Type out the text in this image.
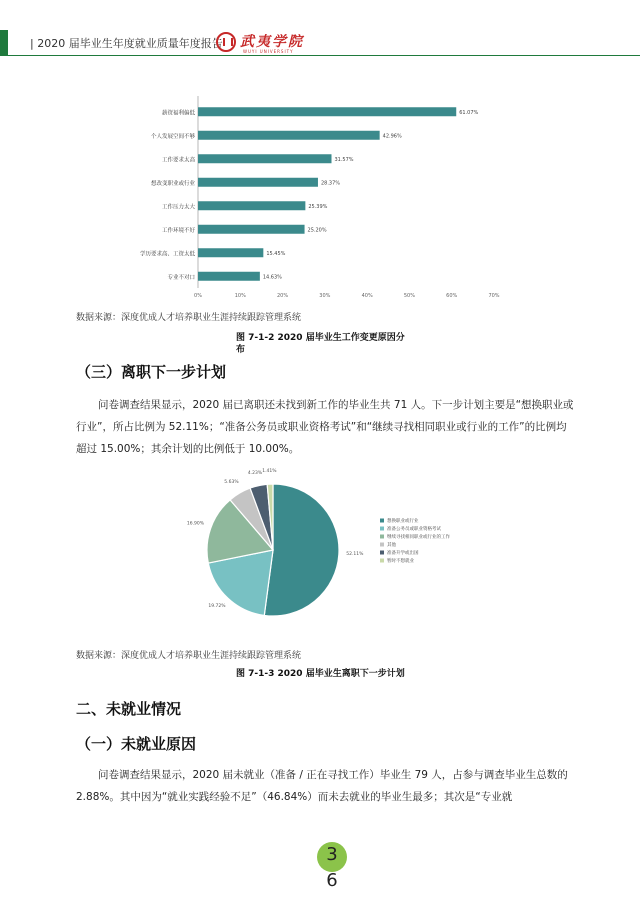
| 2020 届毕业生年度就业质量年度报告 武夷学院
WUYI UNIVERSITY
薪资福利偏低	61.07%
个人发展空间不够	42.96%
工作要求太高	31.57%
想改变职业或行业	28.37%
工作压力太大	25.39%
工作环境不好	25.20%
学历要求高、工资太低	15.45%
专业不对口	14.63%
0%	10%	20%	30%	40%	50%	60%	70%
数据来源：深度优成人才培养职业生涯持续跟踪管理系统
图 7-1-2 2020 届毕业生工作变更原因分布
（三）离职下一步计划
问卷调查结果显示，2020 届已离职还未找到新工作的毕业生共 71 人。下一步计划主要是“想换职业或行业”，所占比例为 52.11%；“准备公务员或职业资格考试”和“继续寻找相同职业或行业的工作”的比例均超过 15.00%；其余计划的比例低于 10.00%。
52.11%
19.72%
16.90%
5.63%
4.23% 1.41%
想换职业或行业
准备公务员或职业资格考试
继续寻找相同职业或行业的工作
其他
准备升学或出国
暂时不想就业
数据来源：深度优成人才培养职业生涯持续跟踪管理系统
图 7-1-3 2020 届毕业生离职下一步计划
二、未就业情况
（一）未就业原因
问卷调查结果显示，2020 届未就业（准备 / 正在寻找工作）毕业生 79 人，占参与调查毕业生总数的 2.88%。其中因为“就业实践经验不足”（46.84%）而未去就业的毕业生最多；其次是“专业就
3
6
